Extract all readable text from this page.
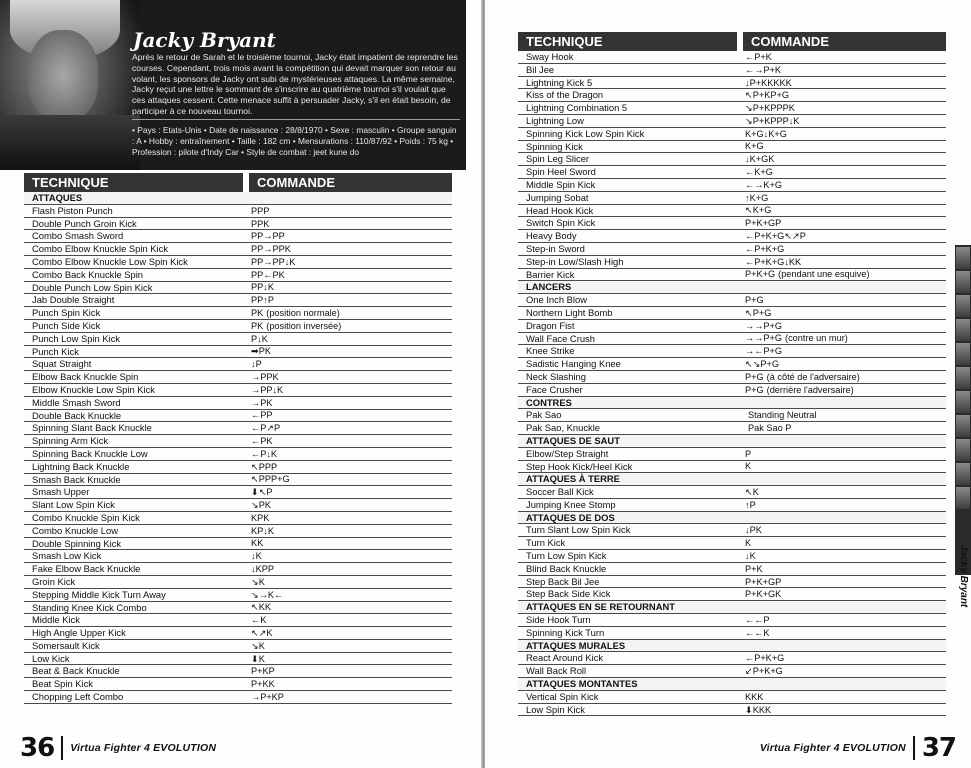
Jacky Bryant
Après le retour de Sarah et le troisième tournoi, Jacky était impatient de reprendre les courses. Cependant, trois mois avant la compétition qui devait marquer son retour au volant, les sponsors de Jacky ont subi de mystérieuses attaques. La même semaine, Jacky reçut une lettre le sommant de s'inscrire au quatrième tournoi s'il voulait que ces attaques cessent. Cette menace suffit à persuader Jacky, s'il en était besoin, de participer à ce nouveau tournoi.
• Pays : Etats-Unis • Date de naissance : 28/8/1970 • Sexe : masculin • Groupe sanguin : A • Hobby : entraînement • Taille : 182 cm • Mensurations : 110/87/92 • Poids : 75 kg • Profession : pilote d'Indy Car • Style de combat : jeet kune do
TECHNIQUE	COMMANDE
ATTAQUES
Flash Piston Punch	PPP
Double Punch Groin Kick	PPK
Combo Smash Sword	PP→PP
Combo Elbow Knuckle Spin Kick	PP→PPK
Combo Elbow Knuckle Low Spin Kick	PP→PP↓K
Combo Back Knuckle Spin	PP←PK
Double Punch Low Spin Kick	PP↓K
Jab Double Straight	PP↑P
Punch Spin Kick	PK (position normale)
Punch Side Kick	PK (position inversée)
Punch Low Spin Kick	P↓K
Punch Kick	➡PK
Squat Straight	↓P
Elbow Back Knuckle Spin	→PPK
Elbow Knuckle Low Spin Kick	→PP↓K
Middle Smash Sword	→PK
Double Back Knuckle	←PP
Spinning Slant Back Knuckle	←P↗P
Spinning Arm Kick	←PK
Spinning Back Knuckle Low	←P↓K
Lightning Back Knuckle	↖PPP
Smash Back Knuckle	↖PPP+G
Smash Upper	⬇↖P
Slant Low Spin Kick	↘PK
Combo Knuckle Spin Kick	KPK
Combo Knuckle Low	KP↓K
Double Spinning Kick	KK
Smash Low Kick	↓K
Fake Elbow Back Knuckle	↓KPP
Groin Kick	↘K
Stepping Middle Kick Turn Away	↘→K←
Standing Knee Kick Combo	↖KK
Middle Kick	←K
High Angle Upper Kick	↖↗K
Somersault Kick	↘K
Low Kick	⬇K
Beat & Back Knuckle	P+KP
Beat Spin Kick	P+KK
Chopping Left Combo	→P+KP
36 Virtua Fighter 4 EVOLUTION
TECHNIQUE	COMMANDE
Sway Hook	←P+K
Bil Jee	←→P+K
Lightning Kick 5	↓P+KKKKK
Kiss of the Dragon	↖P+KP+G
Lightning Combination 5	↘P+KPPPK
Lightning Low	↘P+KPPP↓K
Spinning Kick Low Spin Kick	K+G↓K+G
Spinning Kick	K+G
Spin Leg Slicer	↓K+GK
Spin Heel Sword	←K+G
Middle Spin Kick	←→K+G
Jumping Sobat	↑K+G
Head Hook Kick	↖K+G
Switch Spin Kick	P+K+GP
Heavy Body	←P+K+G↖↗P
Step-in Sword	←P+K+G
Step-in Low/Slash High	←P+K+G↓KK
Barrier Kick	P+K+G (pendant une esquive)
LANCERS
One Inch Blow	P+G
Northern Light Bomb	↖P+G
Dragon Fist	→→P+G
Wall Face Crush	→→P+G (contre un mur)
Knee Strike	→←P+G
Sadistic Hanging Knee	↖↘P+G
Neck Slashing	P+G (à côté de l'adversaire)
Face Crusher	P+G (derrière l'adversaire)
CONTRES
Pak Sao	Standing Neutral
Pak Sao, Knuckle	Pak Sao P
ATTAQUES DE SAUT
Elbow/Step Straight	P
Step Hook Kick/Heel Kick	K
ATTAQUES À TERRE
Soccer Ball Kick	↖K
Jumping Knee Stomp	↑P
ATTAQUES DE DOS
Turn Slant Low Spin Kick	↓PK
Turn Kick	K
Turn Low Spin Kick	↓K
Blind Back Knuckle	P+K
Step Back Bil Jee	P+K+GP
Step Back Side Kick	P+K+GK
ATTAQUES EN SE RETOURNANT
Side Hook Turn	←←P
Spinning Kick Turn	←←K
ATTAQUES MURALES
React Around Kick	←P+K+G
Wall Back Roll	↙P+K+G
ATTAQUES MONTANTES
Vertical Spin Kick	KKK
Low Spin Kick	⬇KKK
Jacky Bryant
Virtua Fighter 4 EVOLUTION 37
